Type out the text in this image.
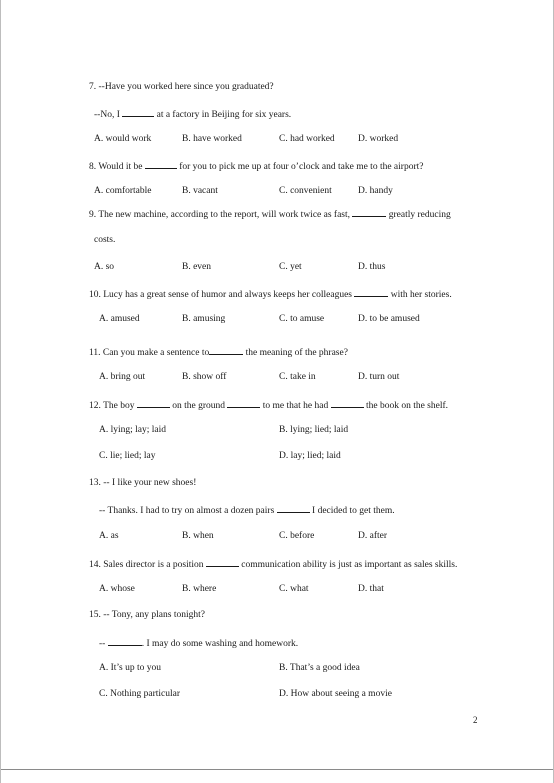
7. --Have you worked here since you graduated?
--No, I	at a factory in Beijing for six years.
A. would work	B. have worked	C. had worked D. worked
8. Would it be	for you to pick me up at four o’clock and take me to the airport?
A. comfortable	B. vacant	C. convenient	D. handy
9. The new machine, according to the report, will work twice as fast,	greatly reducing
costs.
A. so	B. even	C. yet	D. thus
10. Lucy has a great sense of humor and always keeps her colleagues	with her stories.
A. amused	B. amusing	C. to amuse	D. to be amused
11. Can you make a sentence to	the meaning of the phrase?
A. bring out	B. show off	C. take in	D. turn out
12. The boy	on the ground	to me that he had	the book on the shelf.
A. lying; lay; laid	B. lying; lied; laid
C. lie; lied; lay	D. lay; lied; laid
13. -- I like your new shoes!
-- Thanks. I had to try on almost a dozen pairs	I decided to get them.
A. as	B. when	C. before	D. after
14. Sales director is a position	communication ability is just as important as sales skills.
A. whose	B. where	C. what	D. that
15. -- Tony, any plans tonight?
--	. I may do some washing and homework.
A. It’s up to you	B. That’s a good idea
C. Nothing particular	D. How about seeing a movie
2
